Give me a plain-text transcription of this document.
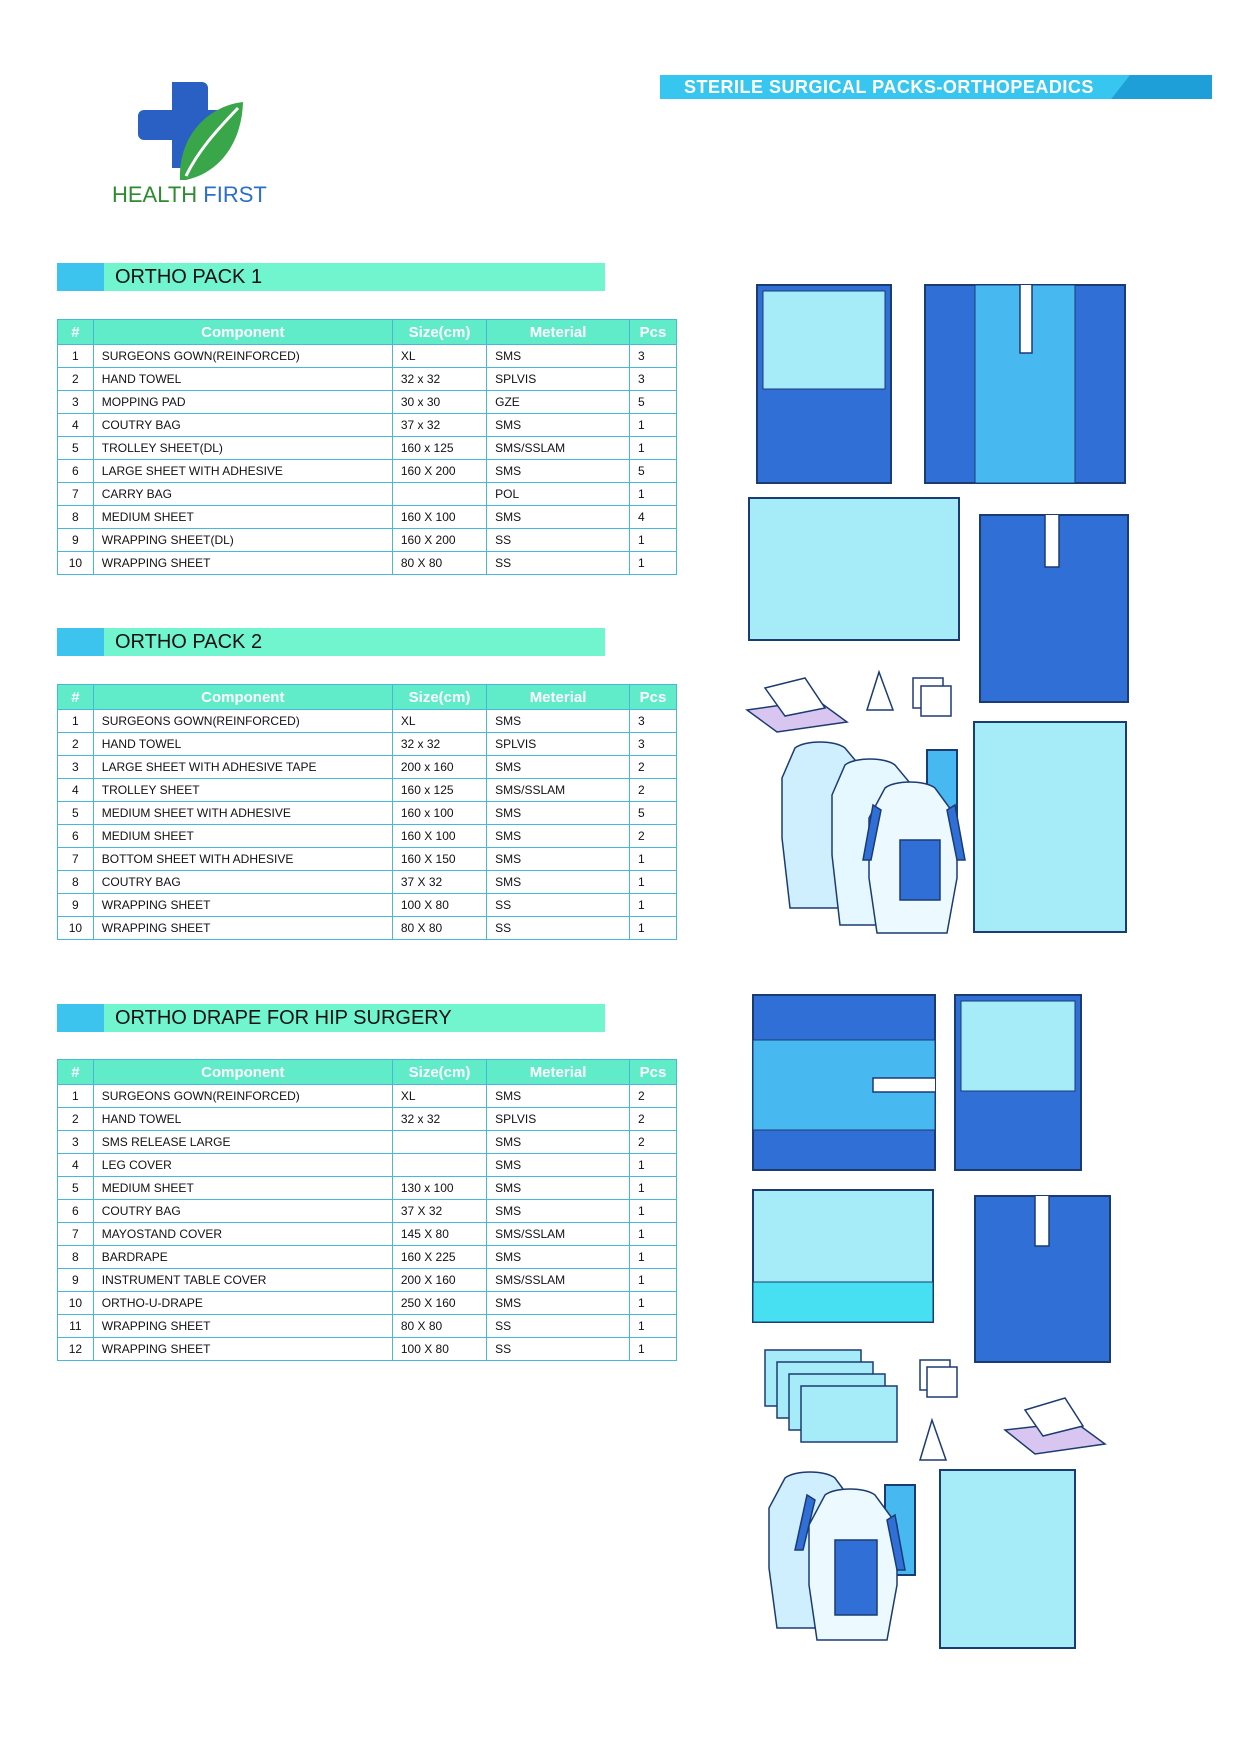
STERILE SURGICAL PACKS-ORTHOPEADICS
HEALTH FIRST
ORTHO PACK 1
#	Component	Size(cm)	Meterial	Pcs
1	SURGEONS GOWN(REINFORCED)	XL	SMS	3
2	HAND TOWEL	32 x 32	SPLVIS	3
3	MOPPING PAD	30 x 30	GZE	5
4	COUTRY BAG	37 x 32	SMS	1
5	TROLLEY SHEET(DL)	160 x 125	SMS/SSLAM	1
6	LARGE SHEET WITH ADHESIVE	160 X 200	SMS	5
7	CARRY BAG		POL	1
8	MEDIUM SHEET	160 X 100	SMS	4
9	WRAPPING SHEET(DL)	160 X 200	SS	1
10	WRAPPING SHEET	80 X 80	SS	1
ORTHO PACK 2
#	Component	Size(cm)	Meterial	Pcs
1	SURGEONS GOWN(REINFORCED)	XL	SMS	3
2	HAND TOWEL	32 x 32	SPLVIS	3
3	LARGE SHEET WITH ADHESIVE TAPE	200 x 160	SMS	2
4	TROLLEY SHEET	160 x 125	SMS/SSLAM	2
5	MEDIUM SHEET WITH ADHESIVE	160 x 100	SMS	5
6	MEDIUM SHEET	160 X 100	SMS	2
7	BOTTOM SHEET WITH ADHESIVE	160 X 150	SMS	1
8	COUTRY BAG	37 X 32	SMS	1
9	WRAPPING SHEET	100 X 80	SS	1
10	WRAPPING SHEET	80 X 80	SS	1
ORTHO DRAPE FOR HIP SURGERY
#	Component	Size(cm)	Meterial	Pcs
1	SURGEONS GOWN(REINFORCED)	XL	SMS	2
2	HAND TOWEL	32 x 32	SPLVIS	2
3	SMS RELEASE LARGE		SMS	2
4	LEG COVER		SMS	1
5	MEDIUM SHEET	130 x 100	SMS	1
6	COUTRY BAG	37 X 32	SMS	1
7	MAYOSTAND COVER	145 X 80	SMS/SSLAM	1
8	BARDRAPE	160 X 225	SMS	1
9	INSTRUMENT TABLE COVER	200 X 160	SMS/SSLAM	1
10	ORTHO-U-DRAPE	250 X 160	SMS	1
11	WRAPPING SHEET	80 X 80	SS	1
12	WRAPPING SHEET	100 X 80	SS	1
